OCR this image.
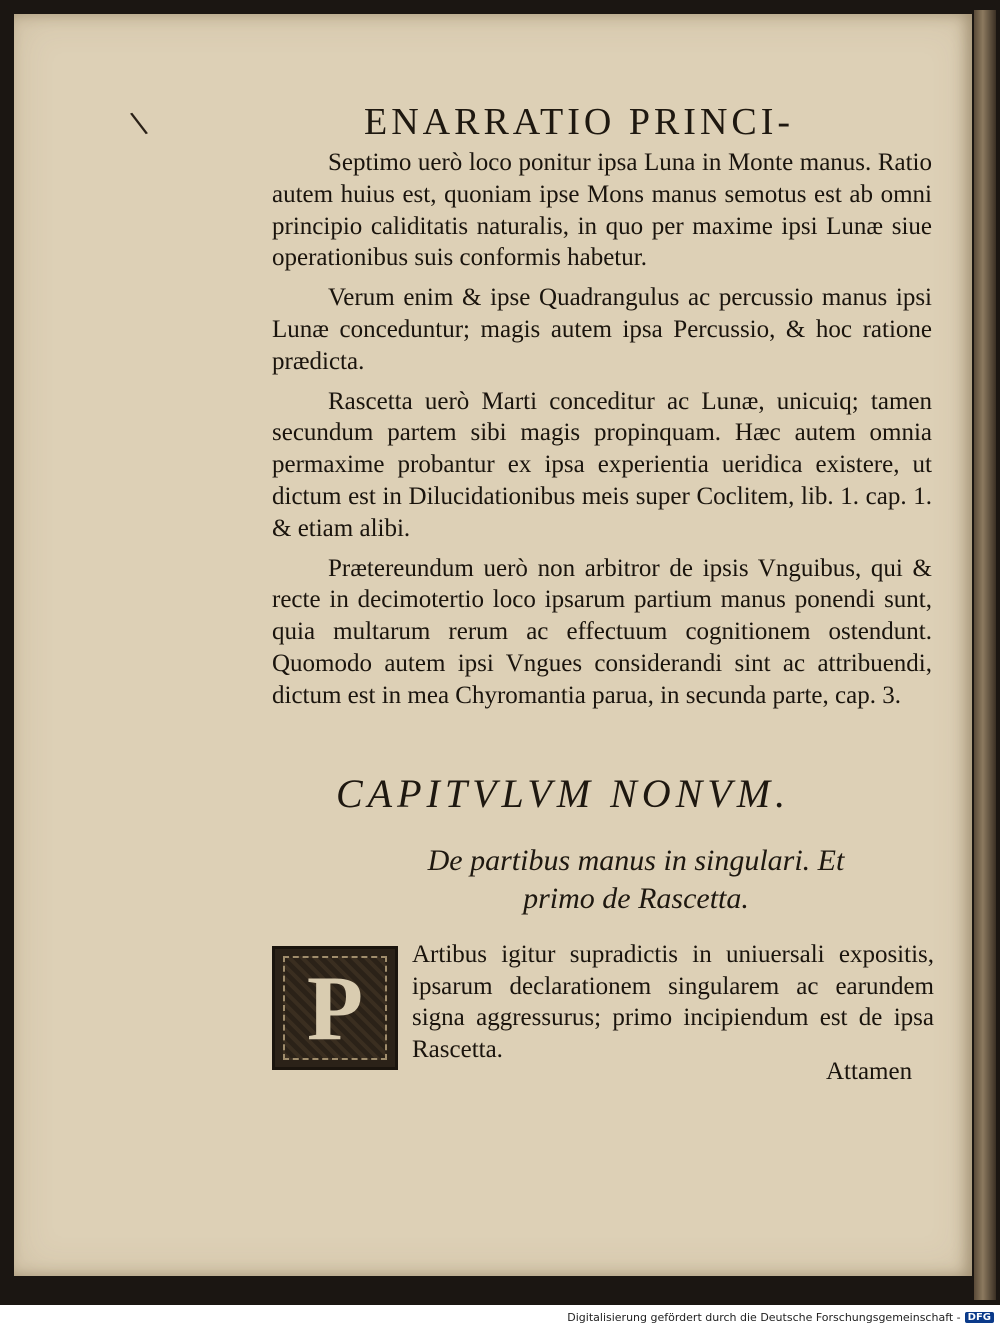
\	ENARRATIO PRINCI-

Septimo uerò loco ponitur ipsa Luna in Monte manus. Ratio autem huius est, quoniam ipse Mons manus semotus est ab omni principio caliditatis naturalis, in quo per maxime ipsi Lunæ siue operationibus suis conformis habetur.

Verum enim & ipse Quadrangulus ac percussio manus ipsi Lunæ conceduntur; magis autem ipsa Percussio, & hoc ratione prædicta.

Rascetta uerò Marti conceditur ac Lunæ, unicuiq; tamen secundum partem sibi magis propinquam. Hæc autem omnia permaxime probantur ex ipsa experientia ueridica existere, ut dictum est in Dilucidationibus meis super Coclitem, lib. 1. cap. 1. & etiam alibi.

Prætereundum uerò non arbitror de ipsis Vnguibus, qui & recte in decimotertio loco ipsarum partium manus ponendi sunt, quia multarum rerum ac effectuum cognitionem ostendunt. Quomodo autem ipsi Vngues considerandi sint ac attribuendi, dictum est in mea Chyromantia parua, in secunda parte, cap. 3.

CAPITVLVM NONVM.
De partibus manus in singulari. Et
primo de Rascetta.
P

Artibus igitur supradictis in uniuersali expositis, ipsarum declarationem singularem ac earundem signa aggressurus; primo incipiendum est de ipsa Rascetta.

Attamen
Digitalisierung gefördert durch die Deutsche Forschungsgemeinschaft - DFG
